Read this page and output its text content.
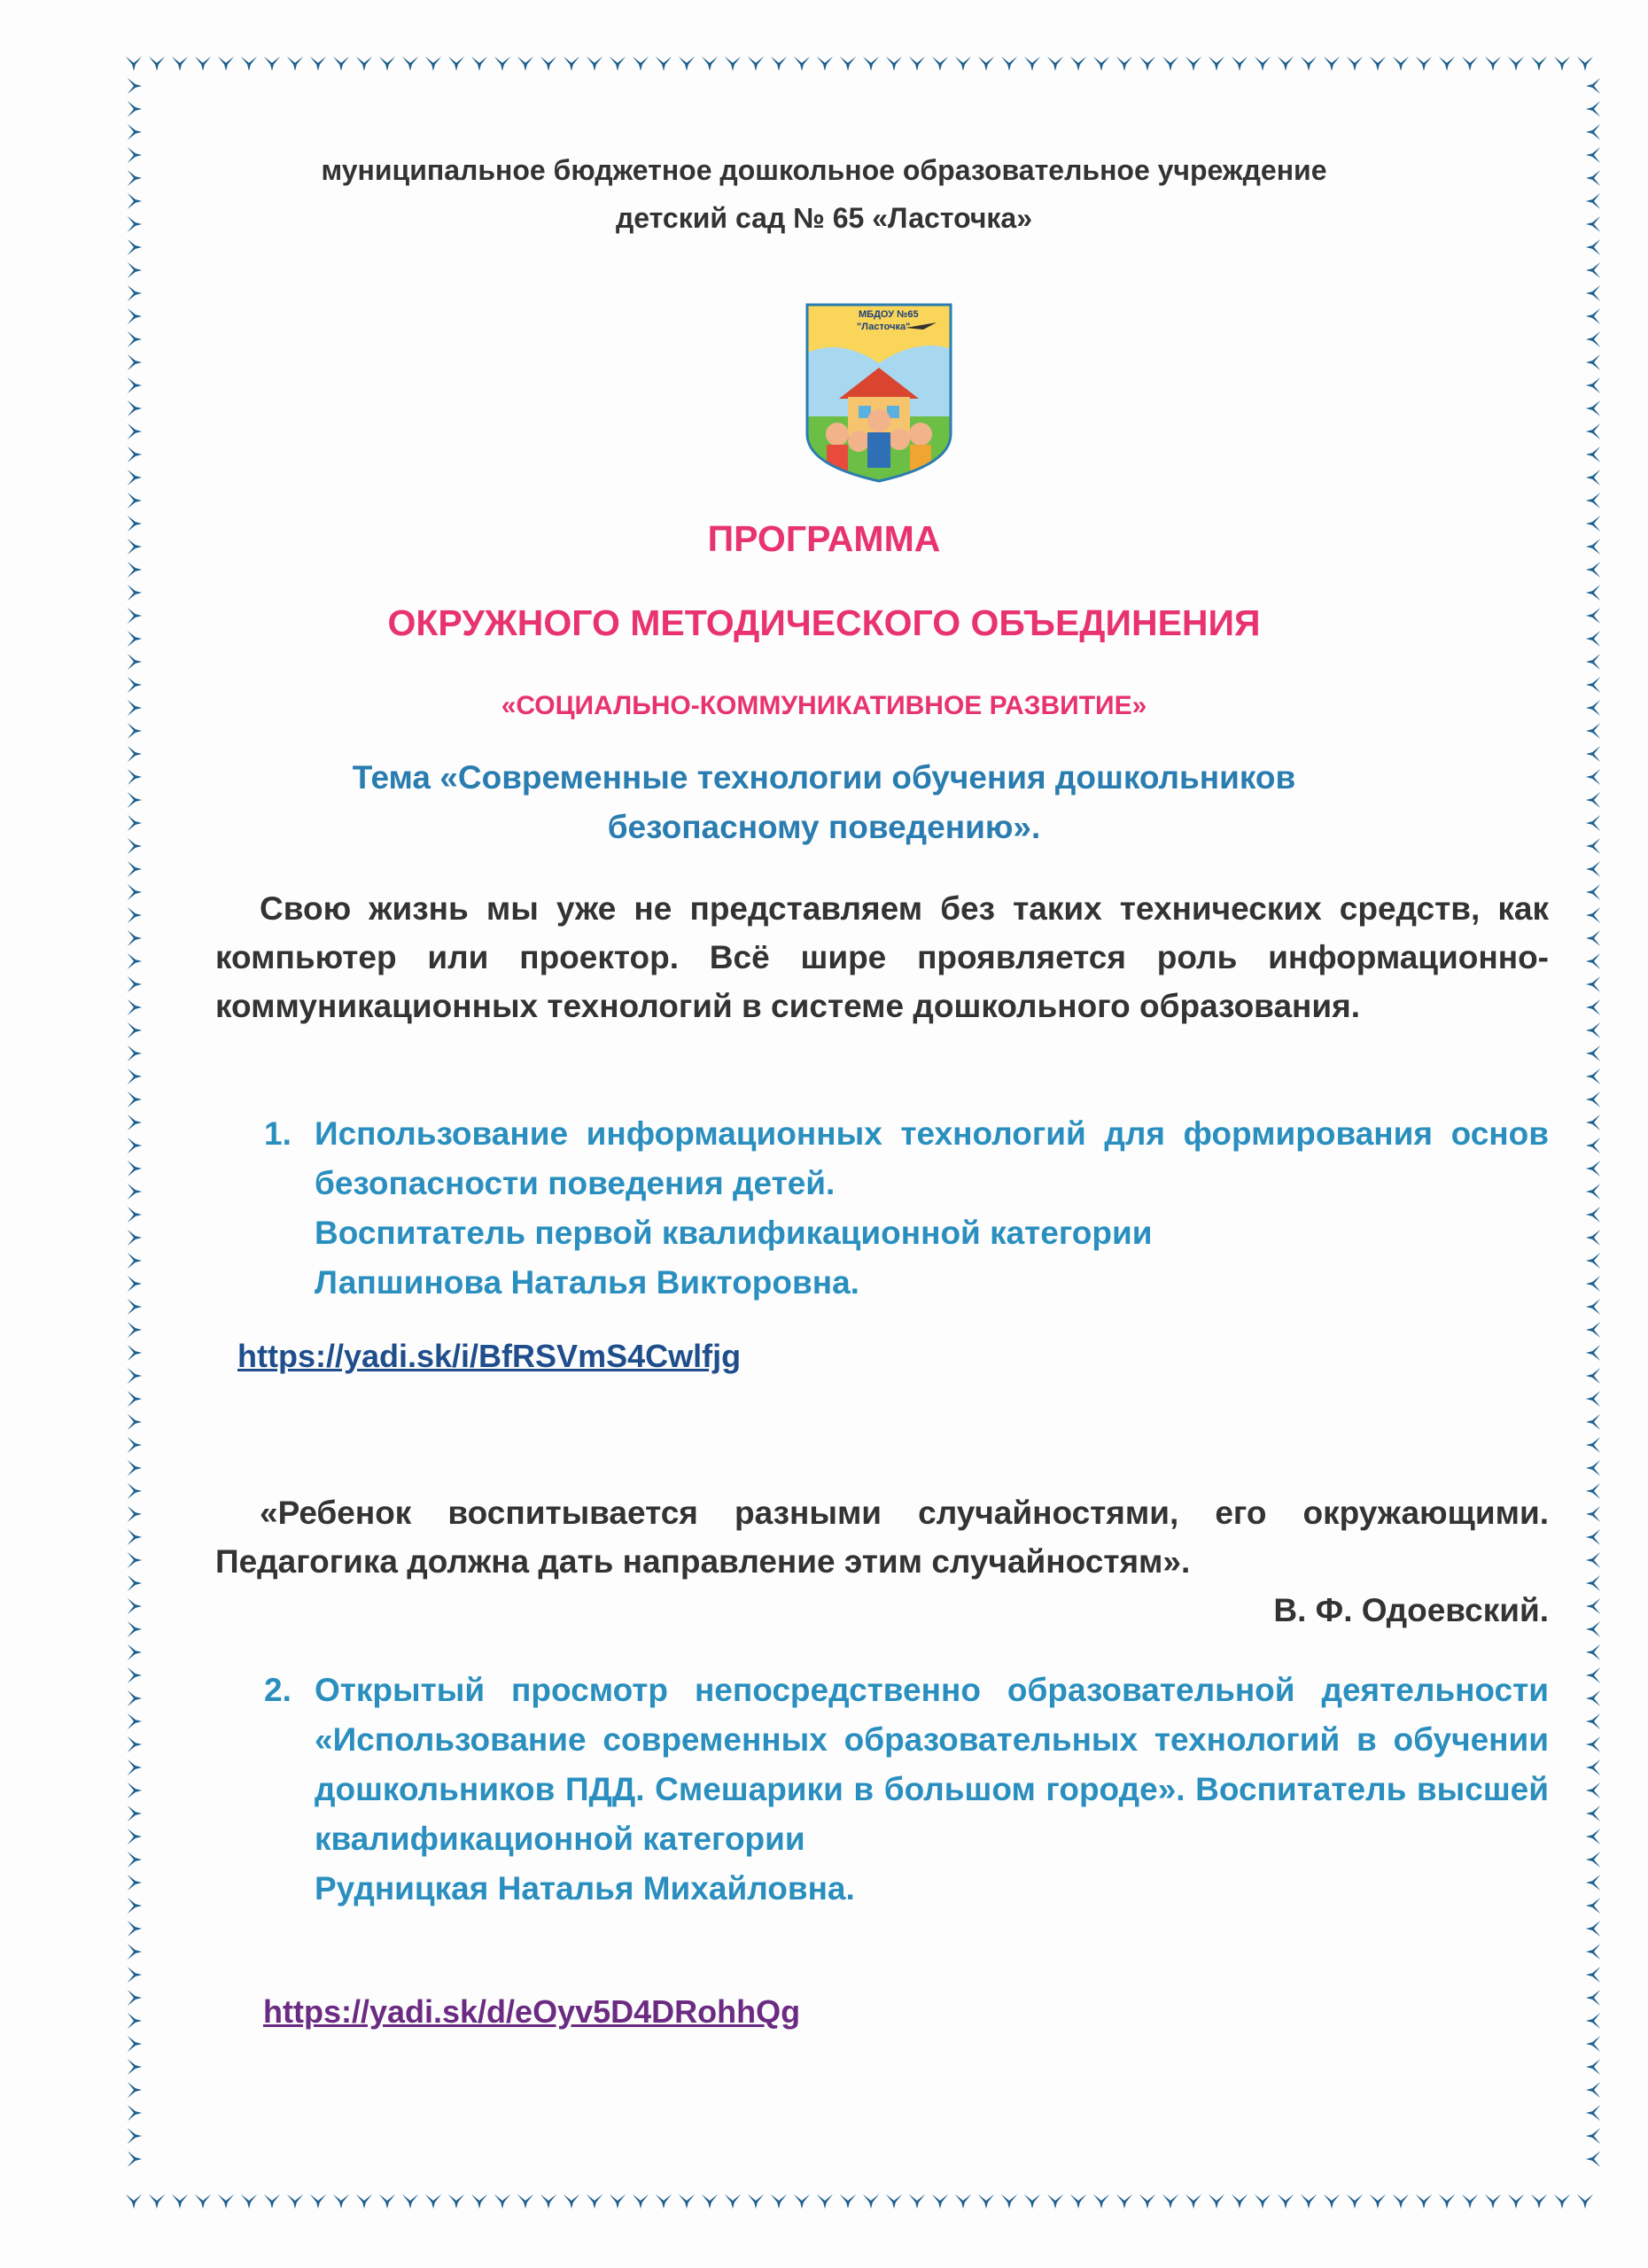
муниципальное бюджетное дошкольное образовательное учреждение
детский сад № 65 «Ласточка»
МБДОУ №65
"Ласточка"
ПРОГРАММА
ОКРУЖНОГО МЕТОДИЧЕСКОГО ОБЪЕДИНЕНИЯ
«СОЦИАЛЬНО-КОММУНИКАТИВНОЕ РАЗВИТИЕ»
Тема «Современные технологии обучения дошкольников
безопасному поведению».
Свою жизнь мы уже не представляем без таких технических средств, как компьютер или проектор. Всё шире проявляется роль информационно-коммуникационных технологий в системе дошкольного образования.
1. Использование информационных технологий для формирования основ безопасности поведения детей.
Воспитатель первой квалификационной категории
Лапшинова Наталья Викторовна.
https://yadi.sk/i/BfRSVmS4Cwlfjg
«Ребенок воспитывается разными случайностями, его окружающими. Педагогика должна дать направление этим случайностям».
В. Ф. Одоевский.
2. Открытый просмотр непосредственно образовательной деятельности «Использование современных образовательных технологий в обучении дошкольников ПДД. Смешарики в большом городе». Воспитатель высшей квалификационной категории
Рудницкая Наталья Михайловна.
https://yadi.sk/d/eOyv5D4DRohhQg
